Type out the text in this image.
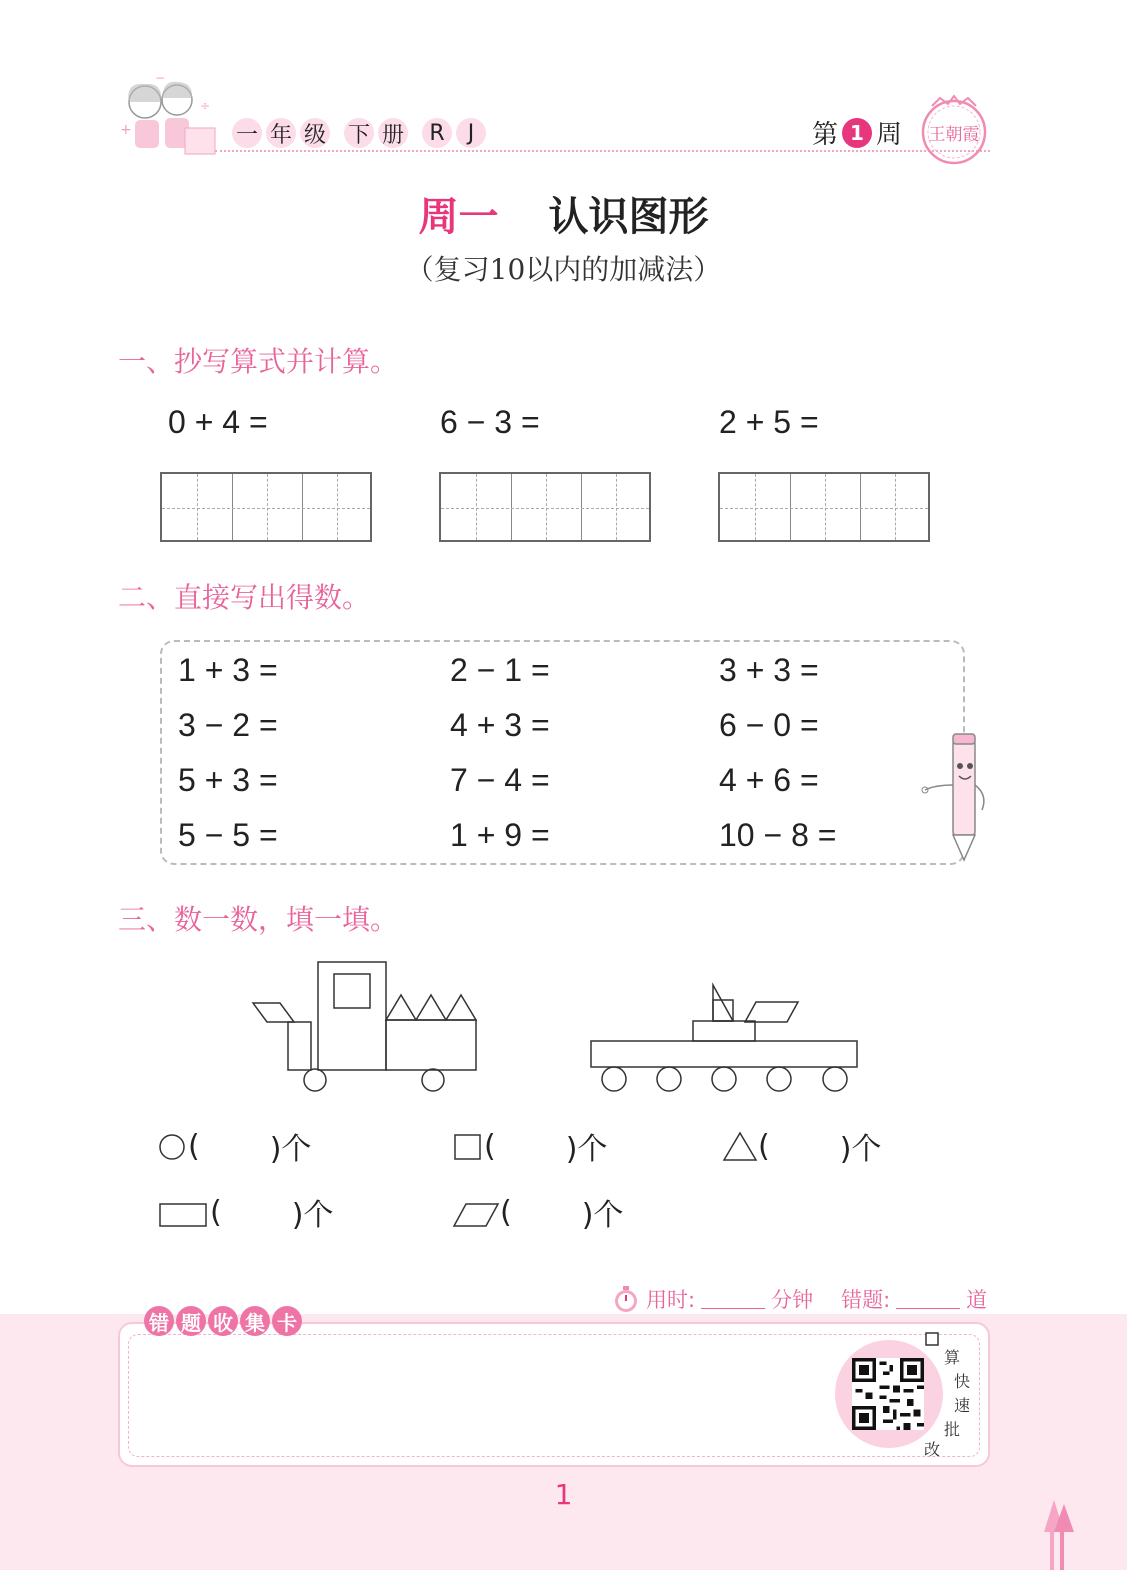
+
÷
−
一 年 级 下 册	R	J	第 1 周 王朝霞
周一 认识图形
（复习10以内的加减法）
一、抄写算式并计算。
0 + 4 =	6 − 3 =	2 + 5 =
二、直接写出得数。
1 + 3 =	2 − 1 =	3 + 3 =
3 − 2 =	4 + 3 =	6 − 0 =
5 + 3 =	7 − 4 =	4 + 6 =
5 − 5 =	1 + 9 =	10 − 8 =
三、数一数，填一填。
( )个	( )个	( )个
( )个	( )个
用时:	分钟 错题:	道
错 题 收 集 卡
算
快
速
批
改
1
